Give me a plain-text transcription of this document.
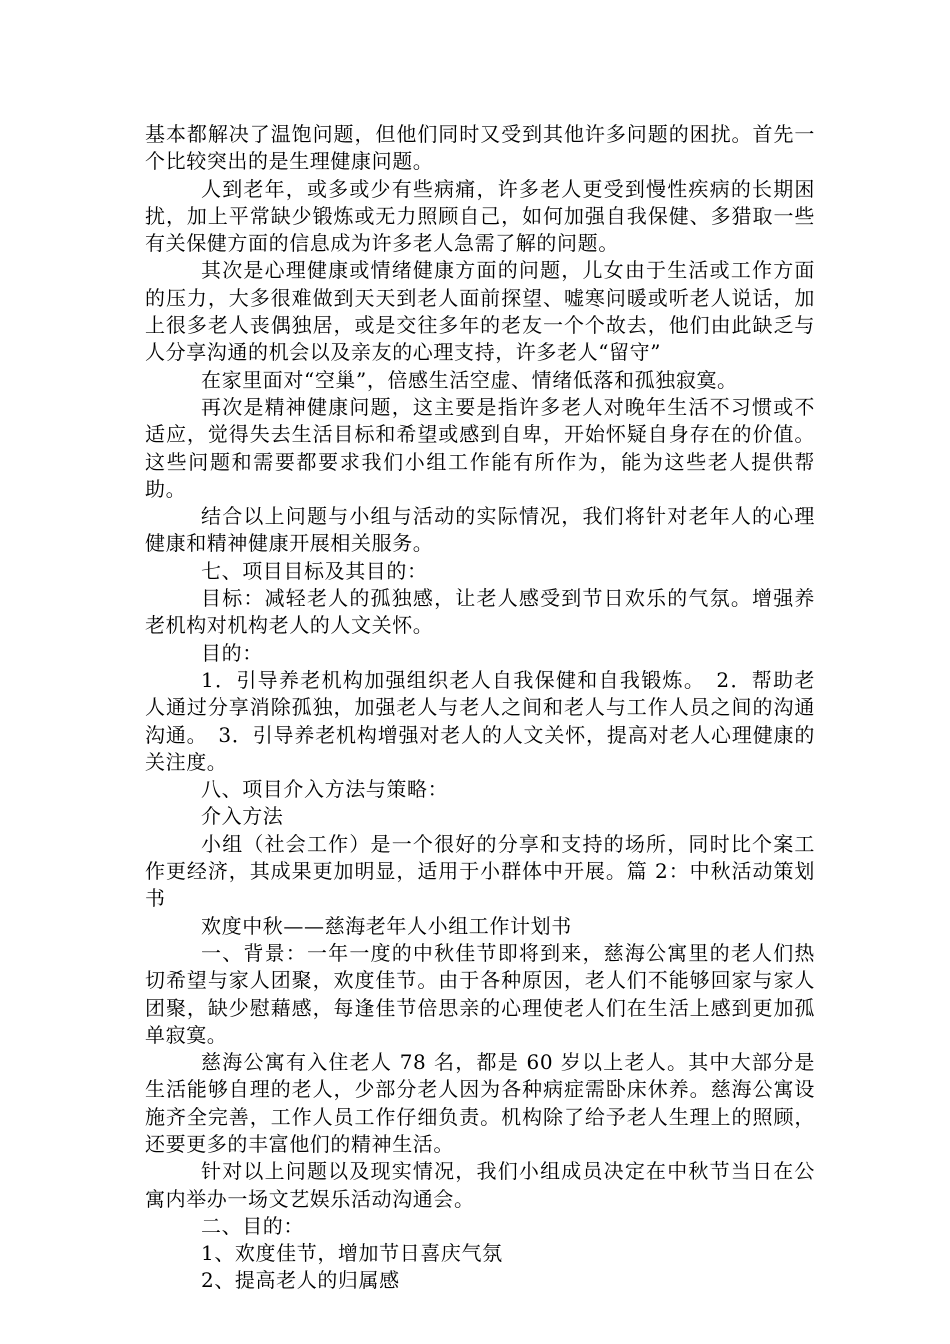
基本都解决了温饱问题，但他们同时又受到其他许多问题的困扰。首先一个比较突出的是生理健康问题。

人到老年，或多或少有些病痛，许多老人更受到慢性疾病的长期困扰，加上平常缺少锻炼或无力照顾自己，如何加强自我保健、多猎取一些有关保健方面的信息成为许多老人急需了解的问题。

其次是心理健康或情绪健康方面的问题，儿女由于生活或工作方面的压力，大多很难做到天天到老人面前探望、嘘寒问暖或听老人说话，加上很多老人丧偶独居，或是交往多年的老友一个个故去，他们由此缺乏与人分享沟通的机会以及亲友的心理支持，许多老人“留守”

在家里面对“空巢”，倍感生活空虚、情绪低落和孤独寂寞。

再次是精神健康问题，这主要是指许多老人对晚年生活不习惯或不适应，觉得失去生活目标和希望或感到自卑，开始怀疑自身存在的价值。这些问题和需要都要求我们小组工作能有所作为，能为这些老人提供帮助。

结合以上问题与小组与活动的实际情况，我们将针对老年人的心理健康和精神健康开展相关服务。

七、项目目标及其目的：

目标：减轻老人的孤独感，让老人感受到节日欢乐的气氛。增强养老机构对机构老人的人文关怀。

目的：

1．引导养老机构加强组织老人自我保健和自我锻炼。　2．帮助老人通过分享消除孤独，加强老人与老人之间和老人与工作人员之间的沟通沟通。　3．引导养老机构增强对老人的人文关怀，提高对老人心理健康的关注度。

八、项目介入方法与策略：

介入方法

小组（社会工作）是一个很好的分享和支持的场所，同时比个案工作更经济，其成果更加明显，适用于小群体中开展。篇 2：中秋活动策划书

欢度中秋——慈海老年人小组工作计划书

一、背景：一年一度的中秋佳节即将到来，慈海公寓里的老人们热切希望与家人团聚，欢度佳节。由于各种原因，老人们不能够回家与家人团聚，缺少慰藉感，每逢佳节倍思亲的心理使老人们在生活上感到更加孤单寂寞。

慈海公寓有入住老人 78 名，都是 60 岁以上老人。其中大部分是生活能够自理的老人，少部分老人因为各种病症需卧床休养。慈海公寓设施齐全完善，工作人员工作仔细负责。机构除了给予老人生理上的照顾，还要更多的丰富他们的精神生活。

针对以上问题以及现实情况，我们小组成员决定在中秋节当日在公寓内举办一场文艺娱乐活动沟通会。

二、目的：

1、欢度佳节，增加节日喜庆气氛

2、提高老人的归属感
